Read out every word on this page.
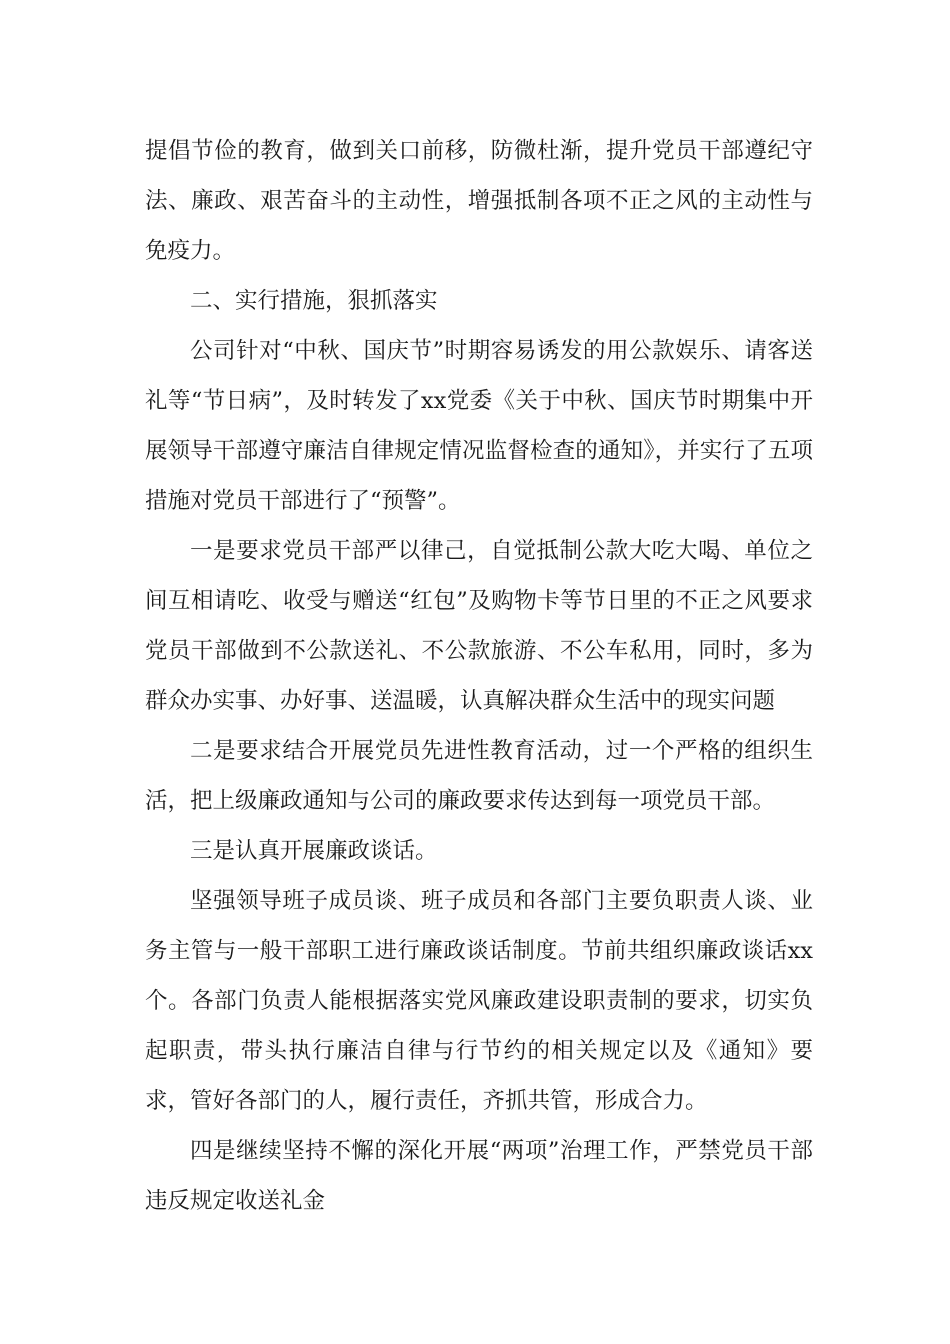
提倡节俭的教育，做到关口前移，防微杜渐，提升党员干部遵纪守法、廉政、艰苦奋斗的主动性，增强抵制各项不正之风的主动性与免疫力。

二、实行措施，狠抓落实

公司针对“中秋、国庆节”时期容易诱发的用公款娱乐、请客送礼等“节日病”，及时转发了xx党委《关于中秋、国庆节时期集中开展领导干部遵守廉洁自律规定情况监督检查的通知》，并实行了五项措施对党员干部进行了“预警”。

一是要求党员干部严以律己，自觉抵制公款大吃大喝、单位之间互相请吃、收受与赠送“红包”及购物卡等节日里的不正之风要求党员干部做到不公款送礼、不公款旅游、不公车私用，同时，多为群众办实事、办好事、送温暖，认真解决群众生活中的现实问题

二是要求结合开展党员先进性教育活动，过一个严格的组织生活，把上级廉政通知与公司的廉政要求传达到每一项党员干部。

三是认真开展廉政谈话。

坚强领导班子成员谈、班子成员和各部门主要负职责人谈、业务主管与一般干部职工进行廉政谈话制度。节前共组织廉政谈话xx个。各部门负责人能根据落实党风廉政建设职责制的要求，切实负起职责，带头执行廉洁自律与行节约的相关规定以及《通知》要求，管好各部门的人，履行责任，齐抓共管，形成合力。

四是继续坚持不懈的深化开展“两项”治理工作，严禁党员干部违反规定收送礼金
